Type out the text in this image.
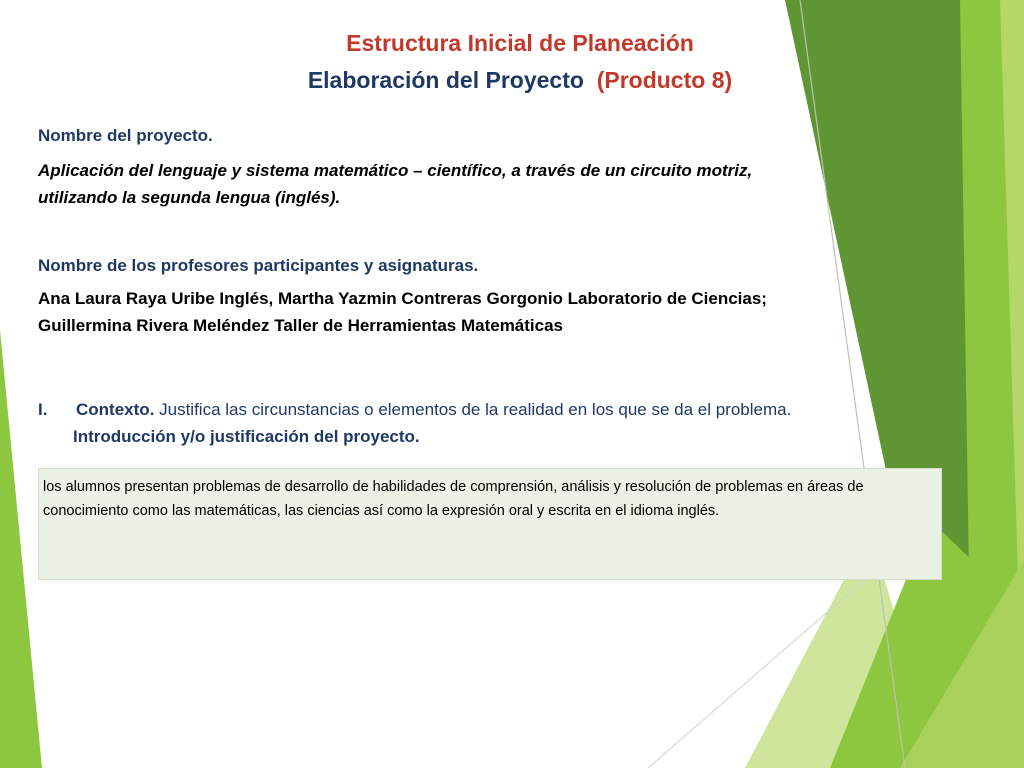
Estructura Inicial de Planeación
Elaboración del Proyecto (Producto 8)

Nombre del proyecto.

Aplicación del lenguaje y sistema matemático – científico, a través de un circuito motriz,

utilizando la segunda lengua (inglés).

Nombre de los profesores participantes y asignaturas.

Ana Laura Raya Uribe Inglés, Martha Yazmin Contreras Gorgonio Laboratorio de Ciencias;

Guillermina Rivera Meléndez Taller de Herramientas Matemáticas

I. Contexto. Justifica las circunstancias o elementos de la realidad en los que se da el problema.
Introducción y/o justificación del proyecto.
los alumnos presentan problemas de desarrollo de habilidades de comprensión, análisis y resolución de problemas en áreas de conocimiento como las matemáticas, las ciencias así como la expresión oral y escrita en el idioma inglés.
